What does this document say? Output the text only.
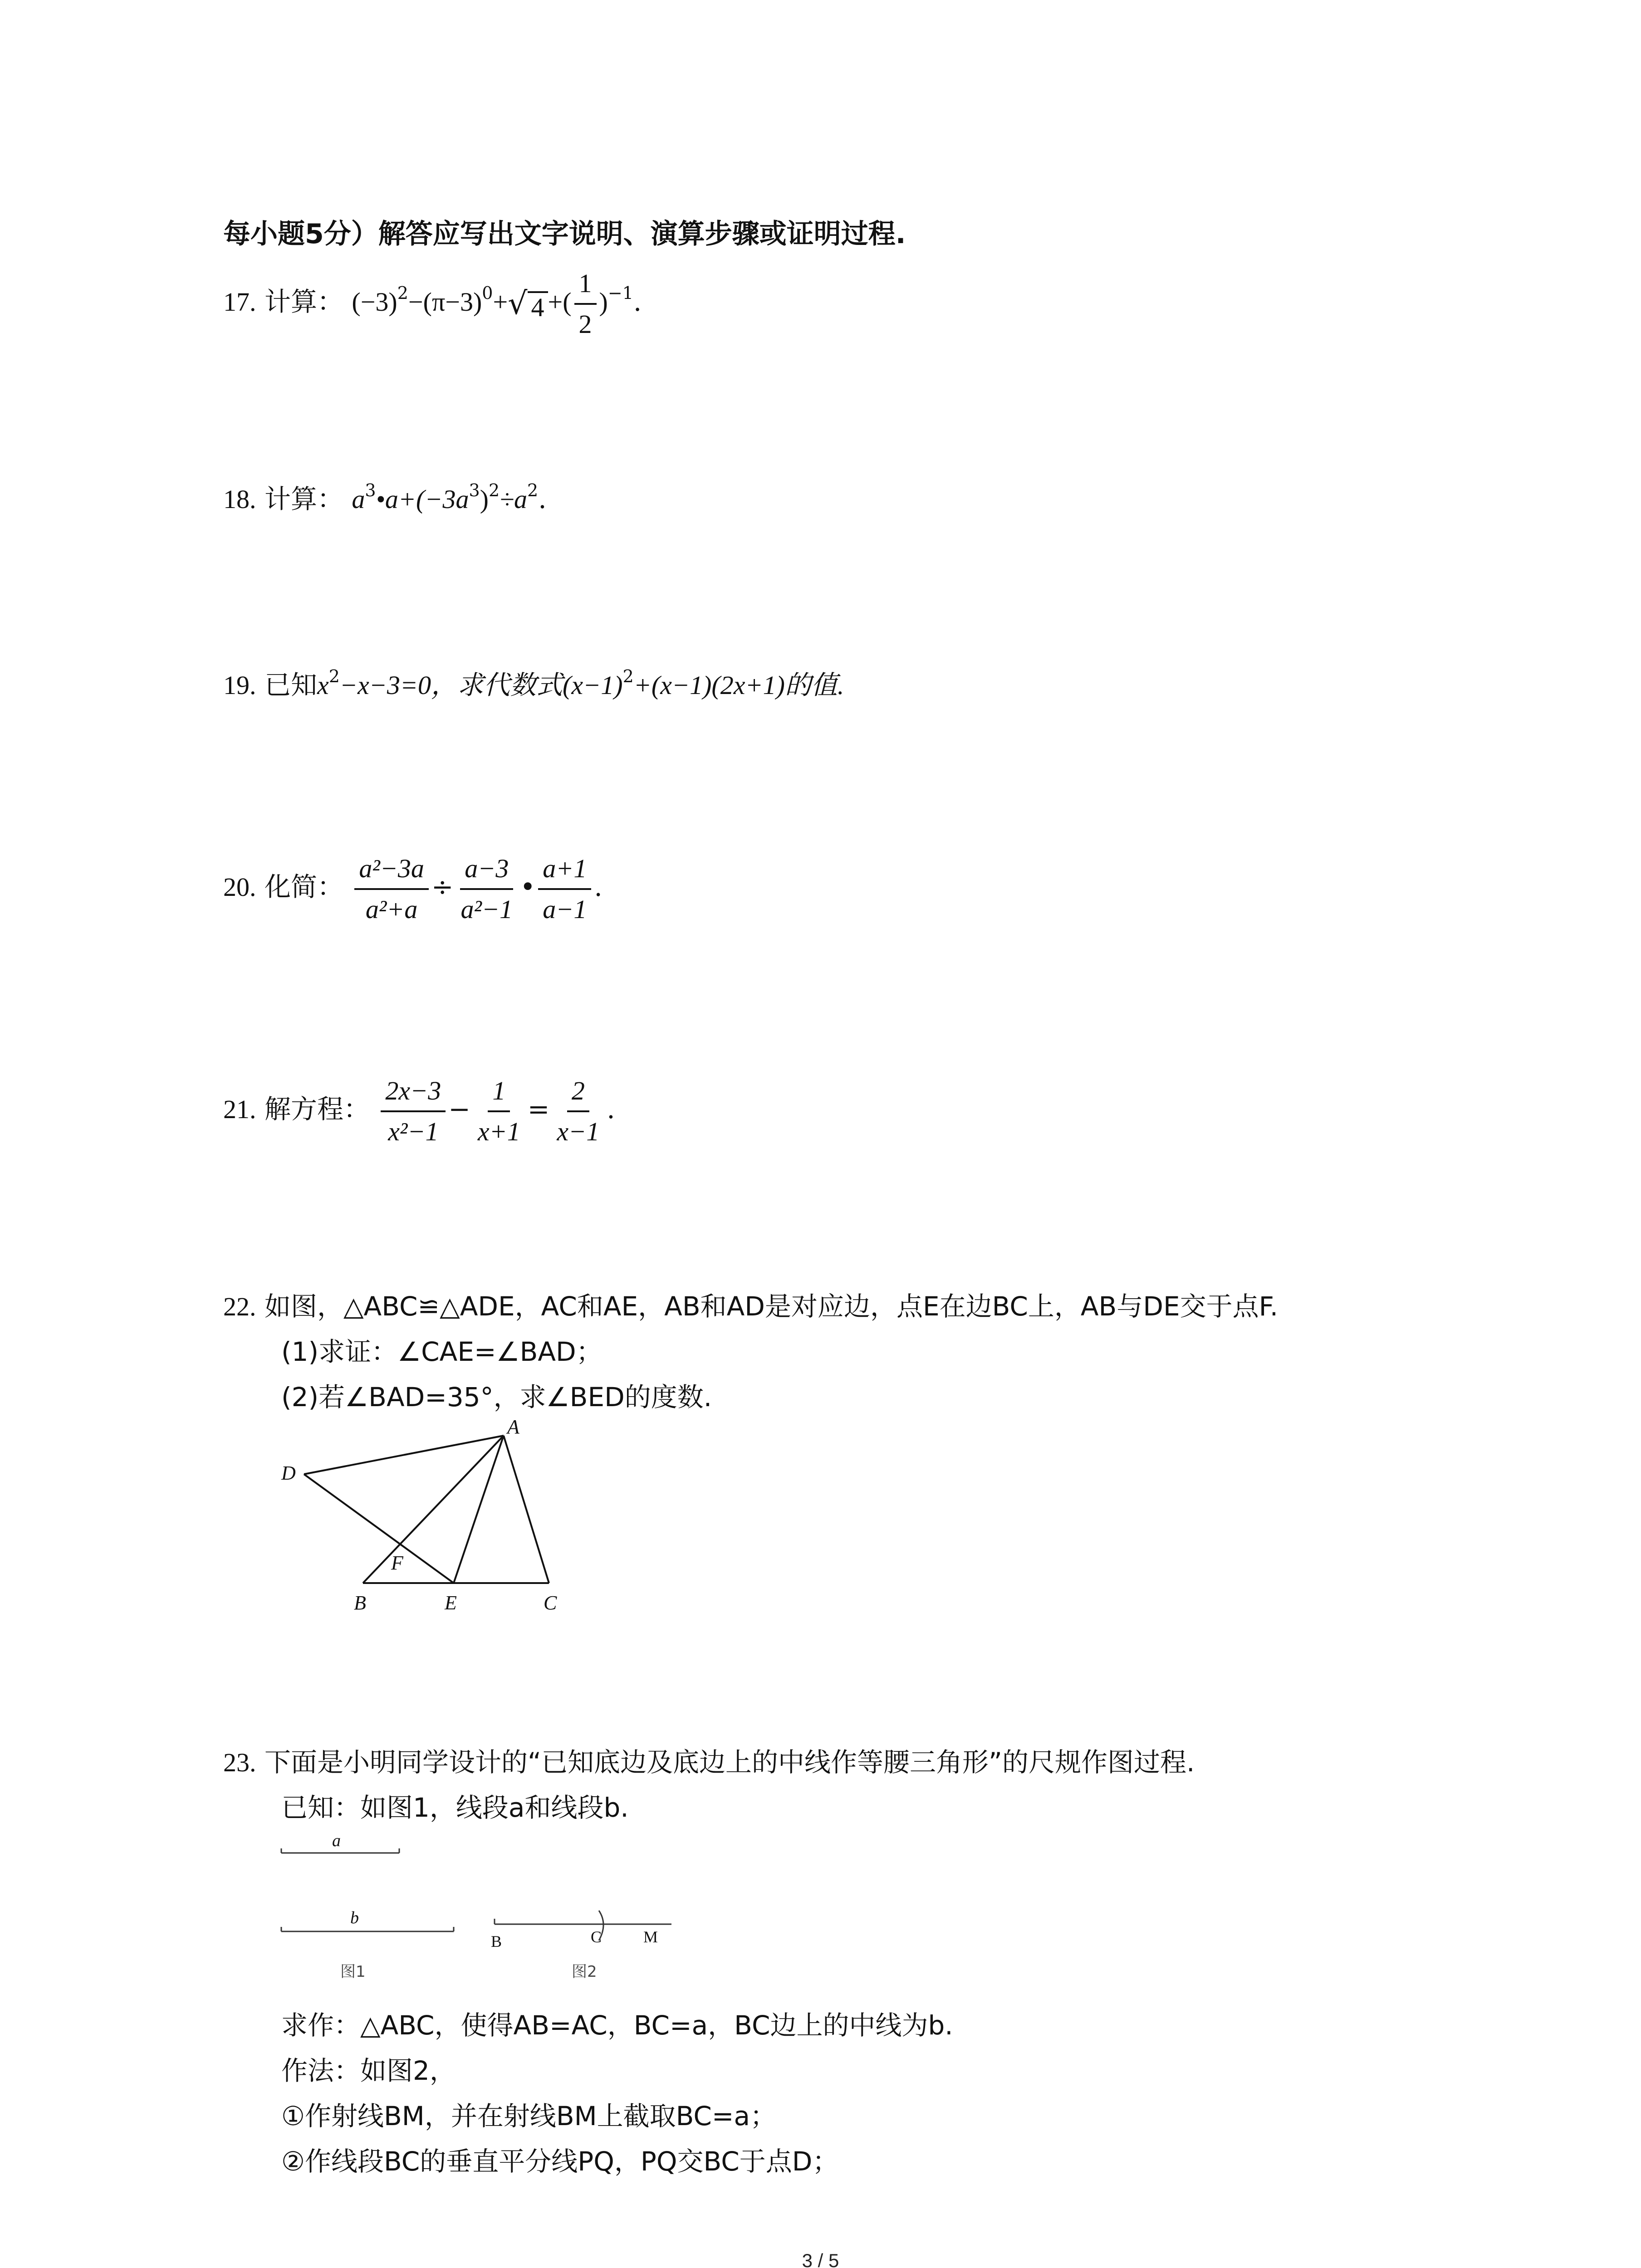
每小题5分）解答应写出文字说明、演算步骤或证明过程.
17. 计算： $(-3)^2-(\pi-3)^0+$ √ 4 +( $\frac{1}{2} )^{-1}$.
18. 计算： $a^3•a+(-3a^3)^2\div a^2$.
19. 已知$x^2-x-3=0$，求代数式$(x-1)^2+(x-1)(2x+1)$的值.
20. 化简： $\frac{\text{a²−3a}}{\text{a²+a}} \div \frac{a-3}{\text{a²−1}}$ • $\frac{a+1}{a-1}$ .
21. 解方程： $\frac{2x-3}{\text{x²−1}} - \frac{1}{x+1} = \frac{2}{x-1}$ .
22. 如图，△ABC≌△ADE，AC和AE，AB和AD是对应边，点E在边BC上，AB与DE交于点F.
(1)求证：∠CAE=∠BAD；
(2)若∠BAD=35°，求∠BED的度数.
A
D
F
B	E	C
23. 下面是小明同学设计的“已知底边及底边上的中线作等腰三角形”的尺规作图过程.
已知：如图1，线段a和线段b.
a
b
B	C	M
图1	图2
求作：△ABC，使得AB=AC，BC=a，BC边上的中线为b.
作法：如图2，
①作射线BM，并在射线BM上截取BC=a；
②作线段BC的垂直平分线PQ，PQ交BC于点D；
3 / 5
